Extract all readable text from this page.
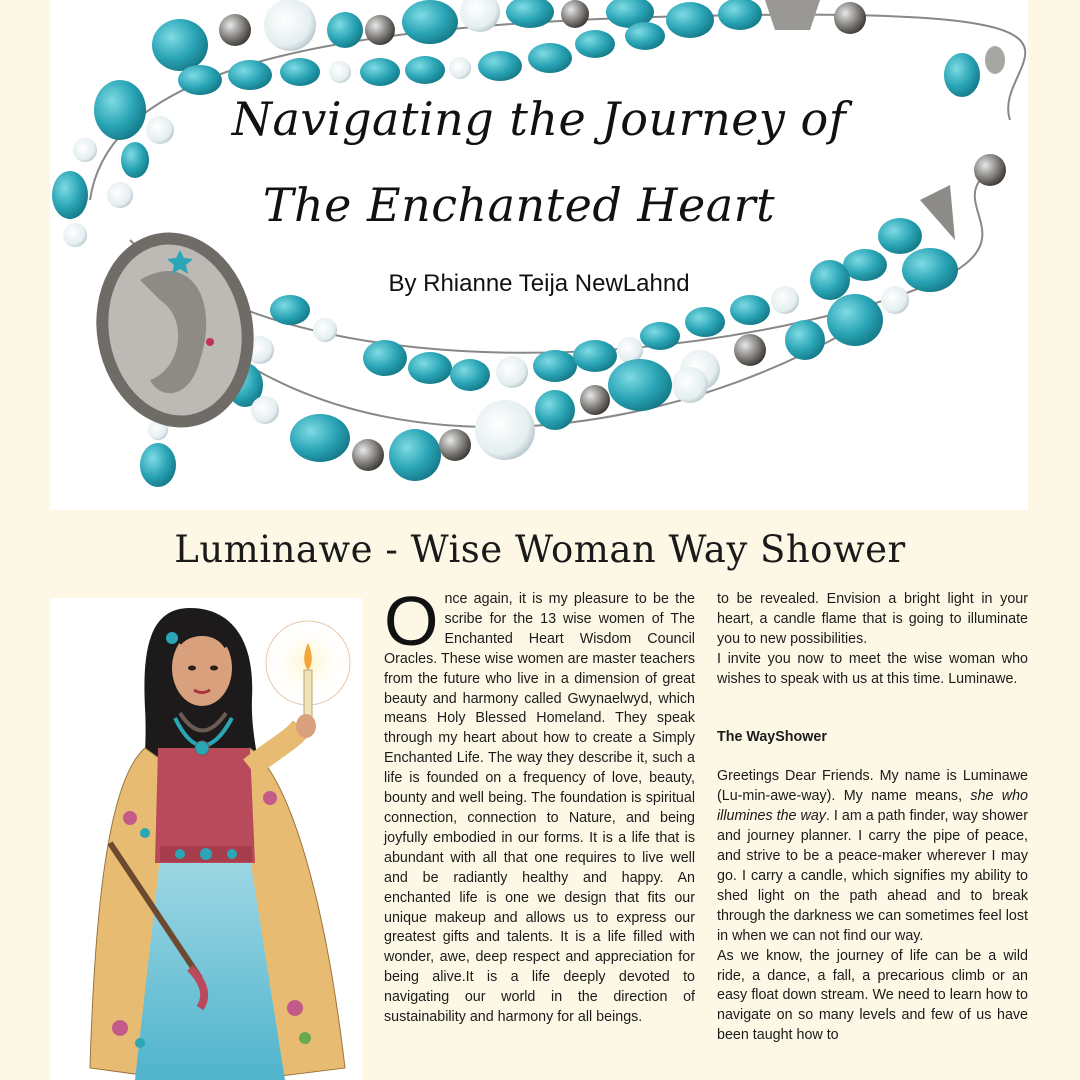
Navigating the Journey of
The Enchanted Heart
By Rhianne Teija NewLahnd
Luminawe - Wise Woman Way Shower

Once again, it is my pleasure to be the scribe for the 13 wise women of The Enchanted Heart Wisdom Council Oracles. These wise women are master teachers from the future who live in a dimension of great beauty and harmony called Gwynaelwyd, which means Holy Blessed Homeland. They speak through my heart about how to create a Simply Enchanted Life. The way they describe it, such a life is founded on a frequency of love, beauty, bounty and well being. The foundation is spiritual connection, connection to Nature, and being joyfully embodied in our forms. It is a life that is abundant with all that one requires to live well and be radiantly healthy and happy. An enchanted life is one we design that fits our unique makeup and allows us to express our greatest gifts and talents. It is a life filled with wonder, awe, deep respect and appreciation for being alive.It is a life deeply devoted to navigating our world in the direction of sustainability and harmony for all beings.

to be revealed. Envision a bright light in your heart, a candle flame that is going to illuminate you to new possibilities.

I invite you now to meet the wise woman who wishes to speak with us at this time. Luminawe.

The WayShower

Greetings Dear Friends. My name is Luminawe (Lu-min-awe-way). My name means, she who illumines the way. I am a path finder, way shower and journey planner. I carry the pipe of peace, and strive to be a peace-maker wherever I may go. I carry a candle, which signifies my ability to shed light on the path ahead and to break through the darkness we can sometimes feel lost in when we can not find our way.

As we know, the journey of life can be a wild ride, a dance, a fall, a precarious climb or an easy float down stream. We need to learn how to navigate on so many levels and few of us have been taught how to
